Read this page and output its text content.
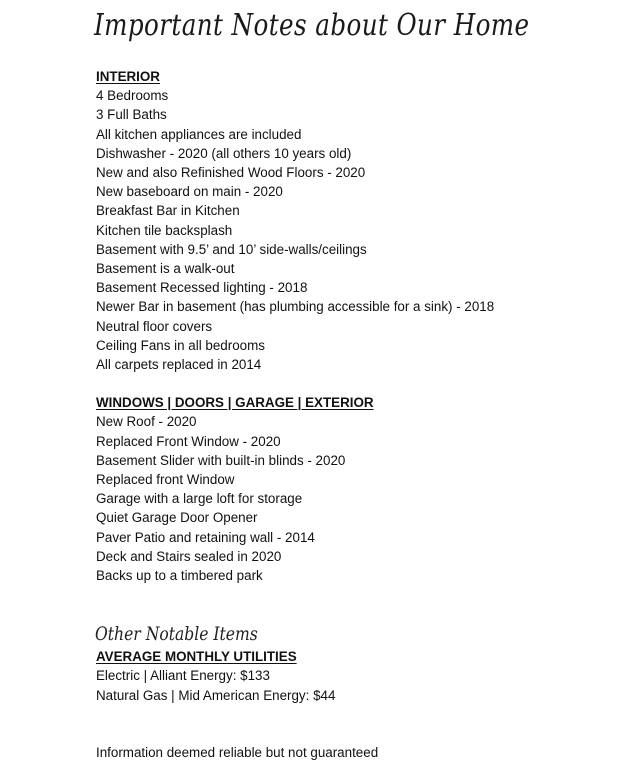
Important Notes about Our Home
INTERIOR
4 Bedrooms
3 Full Baths
All kitchen appliances are included
Dishwasher - 2020 (all others 10 years old)
New and also Refinished Wood Floors - 2020
New baseboard on main - 2020
Breakfast Bar in Kitchen
Kitchen tile backsplash
Basement with 9.5’ and 10’ side-walls/ceilings
Basement is a walk-out
Basement Recessed lighting - 2018
Newer Bar in basement (has plumbing accessible for a sink) - 2018
Neutral floor covers
Ceiling Fans in all bedrooms
All carpets replaced in 2014
WINDOWS | DOORS | GARAGE | EXTERIOR
New Roof - 2020
Replaced Front Window - 2020
Basement Slider with built-in blinds - 2020
Replaced front Window
Garage with a large loft for storage
Quiet Garage Door Opener
Paver Patio and retaining wall - 2014
Deck and Stairs sealed in 2020
Backs up to a timbered park
Other Notable Items
AVERAGE MONTHLY UTILITIES
Electric | Alliant Energy: $133
Natural Gas | Mid American Energy: $44
Information deemed reliable but not guaranteed
